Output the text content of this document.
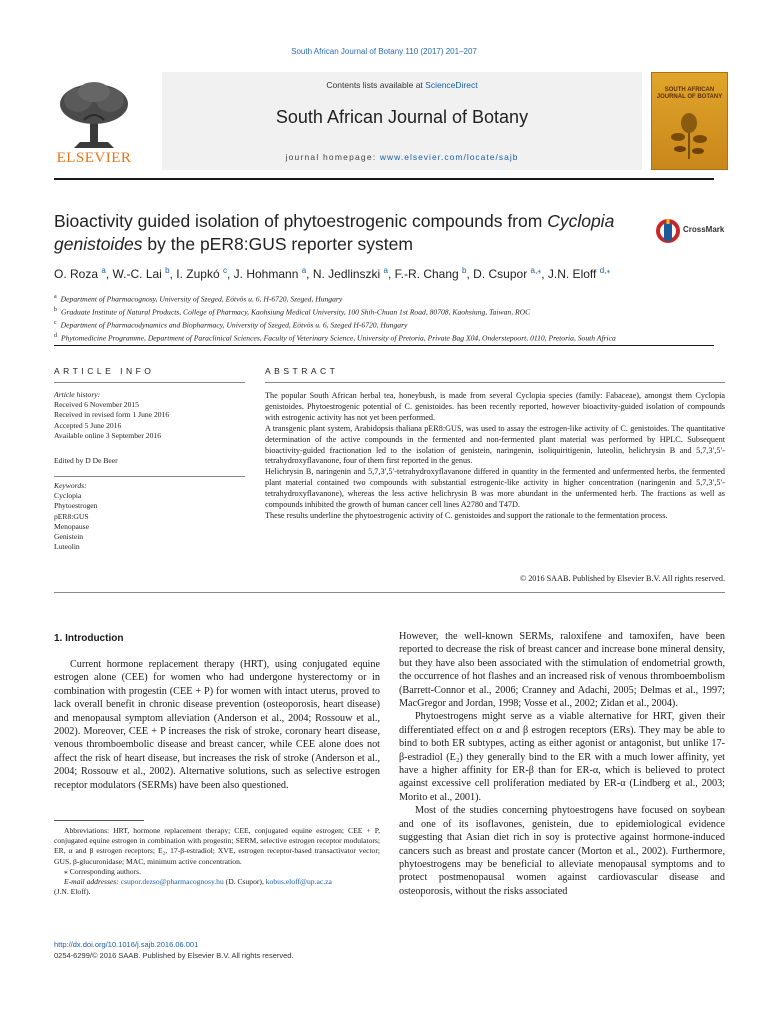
South African Journal of Botany 110 (2017) 201–207
ELSEVIER
Contents lists available at ScienceDirect
South African Journal of Botany
journal homepage: www.elsevier.com/locate/sajb
SOUTH AFRICAN JOURNAL OF BOTANY
Bioactivity guided isolation of phytoestrogenic compounds from Cyclopia
genistoides by the pER8:GUS reporter system
CrossMark
O. Roza $^a$, W.-C. Lai $^b$, I. Zupkó $^c$, J. Hohmann $^a$, N. Jedlinszki $^a$, F.-R. Chang $^b$, D. Csupor $^{a,⁎}$, J.N. Eloff $^{d,⁎}$
$^a$ Department of Pharmacognosy, University of Szeged, Eötvös u. 6, H-6720, Szeged, Hungary
$^b$ Graduate Institute of Natural Products, College of Pharmacy, Kaohsiung Medical University, 100 Shih-Chuan 1st Road, 80708, Kaohsiung, Taiwan, ROC
$^c$ Department of Pharmacodynamics and Biopharmacy, University of Szeged, Eötvös u. 6, Szeged H-6720, Hungary
$^d$ Phytomedicine Programme, Department of Paraclinical Sciences, Faculty of Veterinary Science, University of Pretoria, Private Bag X04, Onderstepoort, 0110, Pretoria, South Africa
ARTICLE INFO	ABSTRACT
Article history:
Received 6 November 2015
Received in revised form 1 June 2016
Accepted 5 June 2016
Available online 3 September 2016
Edited by D De Beer
Keywords:
Cyclopia
Phytoestrogen
pER8:GUS
Menopause
Genistein
Luteolin

The popular South African herbal tea, honeybush, is made from several Cyclopia species (family: Fabaceae), amongst them Cyclopia genistoides. Phytoestrogenic potential of C. genistoides. has been recently reported, however bioactivity-guided isolation of compounds with estrogenic activity has not yet been performed.

A transgenic plant system, Arabidopsis thaliana pER8:GUS, was used to assay the estrogen-like activity of C. genistoides. The quantitative determination of the active compounds in the fermented and non-fermented plant material was performed by HPLC. Subsequent bioactivity-guided fractionation led to the isolation of genistein, naringenin, isoliquiritigenin, luteolin, helichrysin B and 5,7,3′,5′-tetrahydroxyflavanone, four of them first reported in the genus.

Helichrysin B, naringenin and 5,7,3′,5′-tetrahydroxyflavanone differed in quantity in the fermented and unfermented herbs, the fermented plant material contained two compounds with substantial estrogenic-like activity in higher concentration (naringenin and 5,7,3′,5′-tetrahydroxyflavanone), whereas the less active helichrysin B was more abundant in the unfermented herb. The fractions as well as compounds inhibited the growth of human cancer cell lines A2780 and T47D.

These results underline the phytoestrogenic activity of C. genistoides and support the rationale to the fermentation process.

© 2016 SAAB. Published by Elsevier B.V. All rights reserved.
1. Introduction

Current hormone replacement therapy (HRT), using conjugated equine estrogen alone (CEE) for women who had undergone hysterectomy or in combination with progestin (CEE + P) for women with intact uterus, proved to lack overall benefit in chronic disease prevention (osteoporosis, heart disease) and menopausal symptom alleviation (Anderson et al., 2004; Rossouw et al., 2002). Moreover, CEE + P increases the risk of stroke, coronary heart disease, venous thromboembolic disease and breast cancer, while CEE alone does not affect the risk of heart disease, but increases the risk of stroke (Anderson et al., 2004; Rossouw et al., 2002). Alternative solutions, such as selective estrogen receptor modulators (SERMs) have been also questioned.

However, the well-known SERMs, raloxifene and tamoxifen, have been reported to decrease the risk of breast cancer and increase bone mineral density, but they have also been associated with the stimulation of endometrial growth, the occurrence of hot flashes and an increased risk of venous thromboembolism (Barrett-Connor et al., 2006; Cranney and Adachi, 2005; Delmas et al., 1997; MacGregor and Jordan, 1998; Vosse et al., 2002; Zidan et al., 2004).

Phytoestrogens might serve as a viable alternative for HRT, given their differentiated effect on α and β estrogen receptors (ERs). They may be able to bind to both ER subtypes, acting as either agonist or antagonist, but unlike 17-β-estradiol (E₂) they generally bind to the ER with a much lower affinity, yet have a higher affinity for ER-β than for ER-α, which is believed to protect against excessive cell proliferation mediated by ER-α (Lindberg et al., 2003; Morito et al., 2001).

Most of the studies concerning phytoestrogens have focused on soybean and one of its isoflavones, genistein, due to epidemiological evidence suggesting that Asian diet rich in soy is protective against hormone-induced cancers such as breast and prostate cancer (Morton et al., 2002). Furthermore, phytoestrogens may be beneficial to alleviate menopausal symptoms and to protect postmenopausal women against cardiovascular disease and osteoporosis, without the risks associated

Abbreviations: HRT, hormone replacement therapy; CEE, conjugated equine estrogen; CEE + P, conjugated equine estrogen in combination with progestin; SERM, selective estrogen receptor modulators; ER, α and β estrogen receptors; E₂, 17-β-estradiol; XVE, estrogen receptor-based transactivator vector; GUS, β-glucuronidase; MAC, minimum active concentration.

⁎ Corresponding authors.

E-mail addresses: csupor.dezso@pharmacognosy.hu (D. Csupor), kobus.eloff@up.ac.za
(J.N. Eloff).

http://dx.doi.org/10.1016/j.sajb.2016.06.001
0254-6299/© 2016 SAAB. Published by Elsevier B.V. All rights reserved.
